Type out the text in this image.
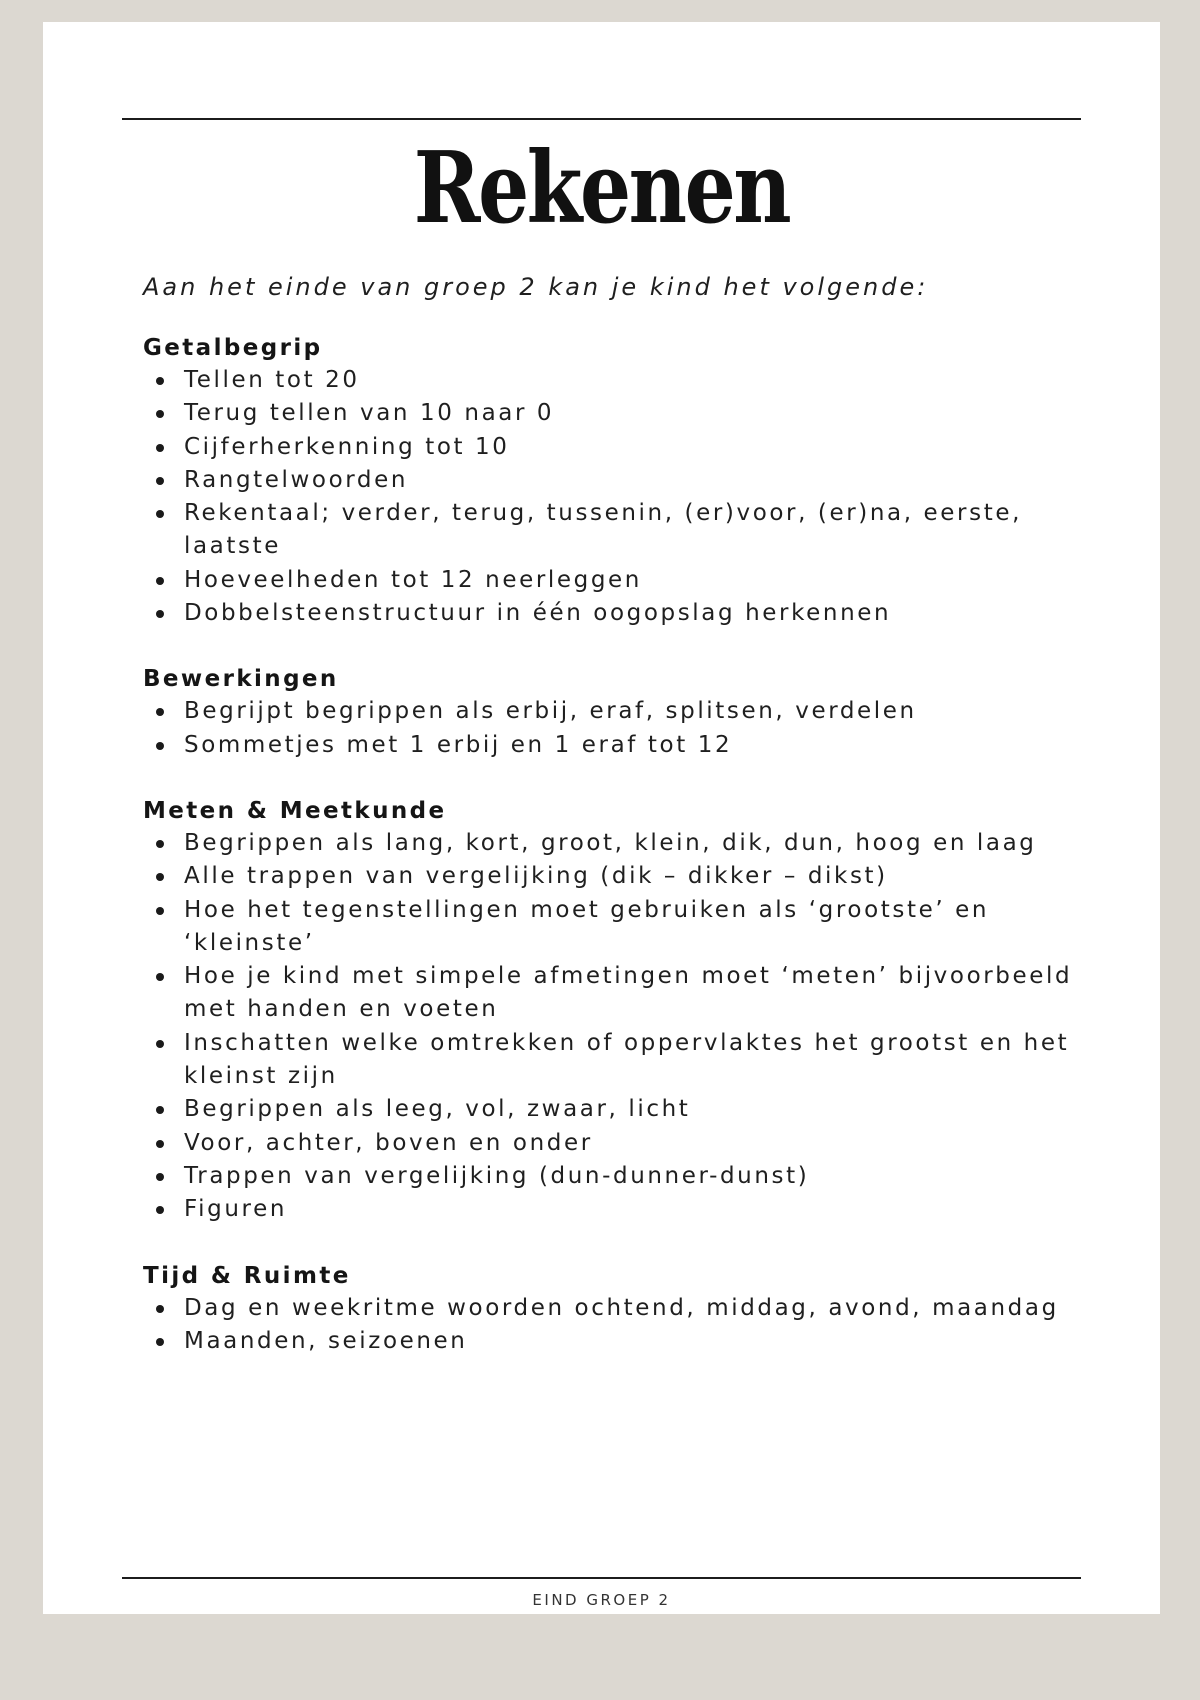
Rekenen
Aan het einde van groep 2 kan je kind het volgende:
Getalbegrip
Tellen tot 20
Terug tellen van 10 naar 0
Cijferherkenning tot 10
Rangtelwoorden
Rekentaal; verder, terug, tussenin, (er)voor, (er)na, eerste, laatste
Hoeveelheden tot 12 neerleggen
Dobbelsteenstructuur in één oogopslag herkennen
Bewerkingen
Begrijpt begrippen als erbij, eraf, splitsen, verdelen
Sommetjes met 1 erbij en 1 eraf tot 12
Meten & Meetkunde
Begrippen als lang, kort, groot, klein, dik, dun, hoog en laag
Alle trappen van vergelijking (dik – dikker – dikst)
Hoe het tegenstellingen moet gebruiken als ‘grootste’ en ‘kleinste’
Hoe je kind met simpele afmetingen moet ‘meten’ bijvoorbeeld met handen en voeten
Inschatten welke omtrekken of oppervlaktes het grootst en het kleinst zijn
Begrippen als leeg, vol, zwaar, licht
Voor, achter, boven en onder
Trappen van vergelijking (dun-dunner-dunst)
Figuren
Tijd & Ruimte
Dag en weekritme woorden ochtend, middag, avond, maandag
Maanden, seizoenen
EIND GROEP 2
